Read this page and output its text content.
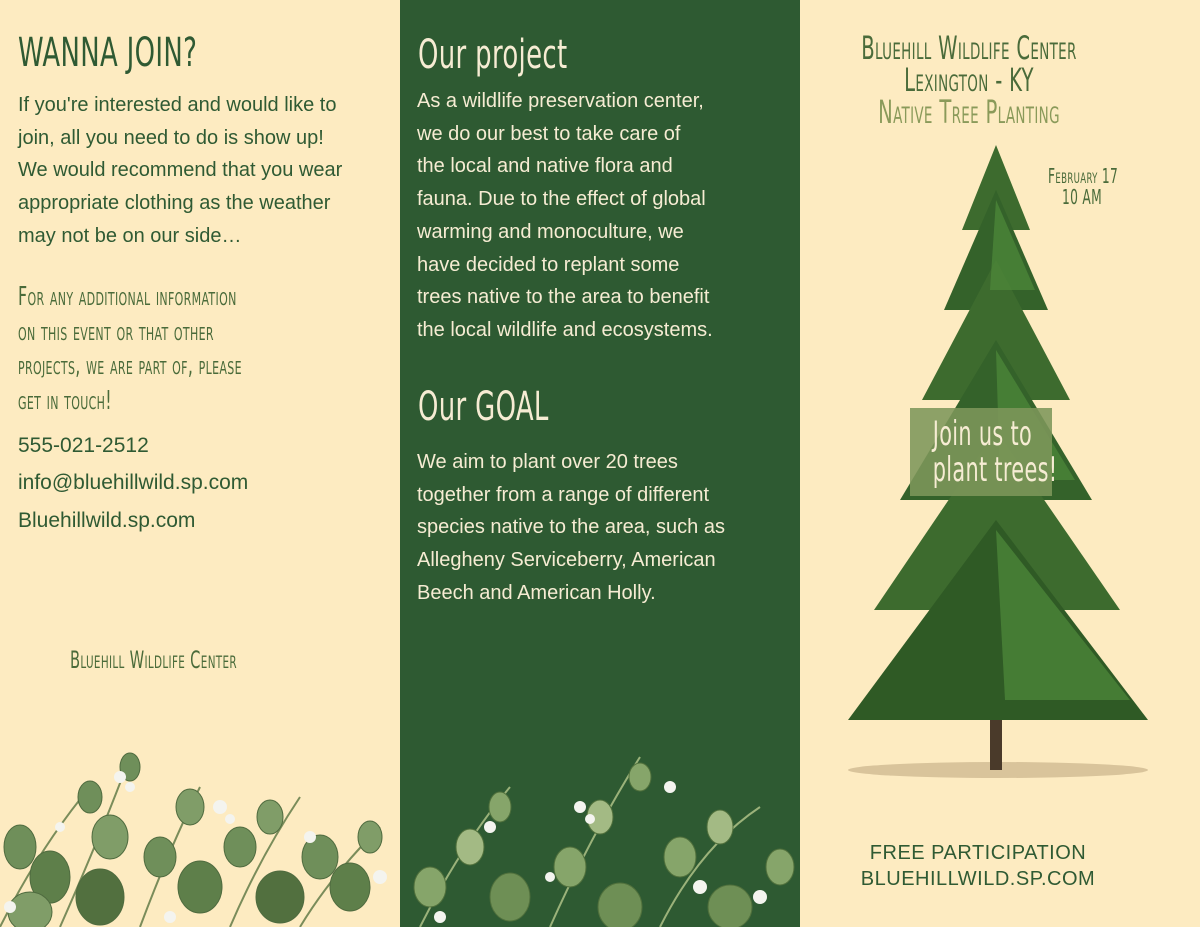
WANNA JOIN?
If you're interested and would like to
join, all you need to do is show up!
We would recommend that you wear
appropriate clothing as the weather
may not be on our side…
For any additional information
on this event or that other
projects, we are part of, please
get in touch!
555-021-2512
info@bluehillwild.sp.com
Bluehillwild.sp.com
Bluehill Wildlife Center
Our project
As a wildlife preservation center,
we do our best to take care of
the local and native flora and
fauna. Due to the effect of global
warming and monoculture, we
have decided to replant some
trees native to the area to benefit
the local wildlife and ecosystems.
Our GOAL
We aim to plant over 20 trees
together from a range of different
species native to the area, such as
Allegheny Serviceberry, American
Beech and American Holly.
Bluehill Wildlife Center
Lexington - KY
Native Tree Planting
February 17
10 AM
Join us to
plant trees!
FREE PARTICIPATION
BLUEHILLWILD.SP.COM
